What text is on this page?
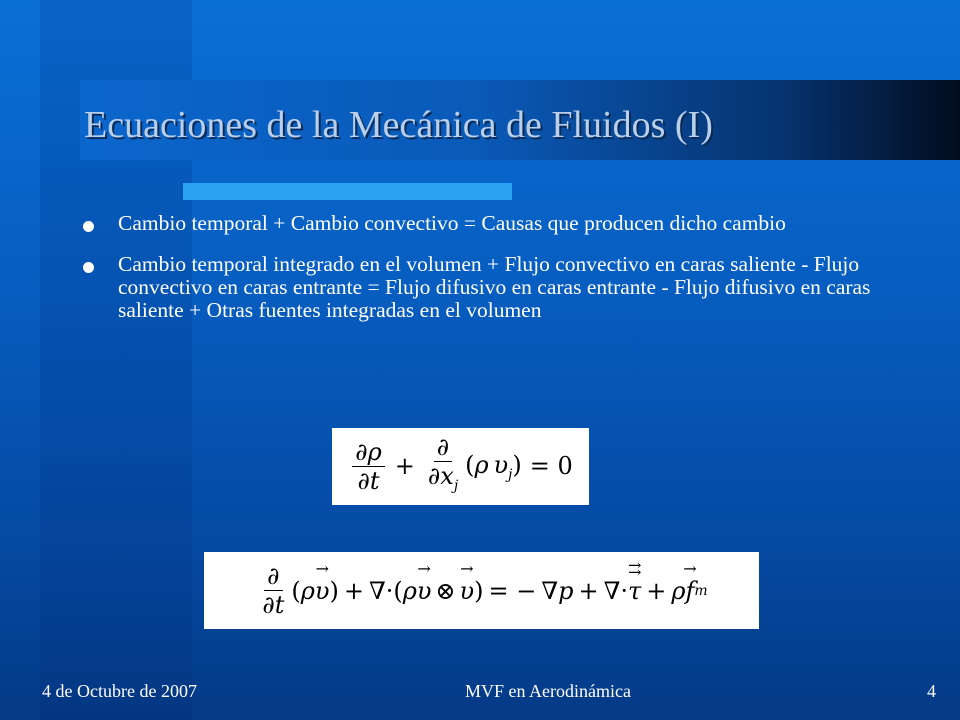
Ecuaciones de la Mecánica de Fluidos (I)
Cambio temporal + Cambio convectivo = Causas que producen dicho cambio
Cambio temporal integrado en el volumen + Flujo convectivo en caras saliente - Flujo convectivo en caras entrante = Flujo difusivo en caras entrante - Flujo difusivo en caras saliente + Otras fuentes integradas en el volumen
$\frac{\partial\rho}{\partial t} + \frac{\partial}{\partial x_j} (\rho$  $\upsilon_j) = 0$
$\frac{\partial}{\partial t} (\rho\to \upsilon)$ + ∇ ·( ρ → υ ⊗ → υ ) = − ∇ p + ∇ · ⇉ τ + ρ → f m
4 de Octubre de 2007	MVF en Aerodinámica	4
